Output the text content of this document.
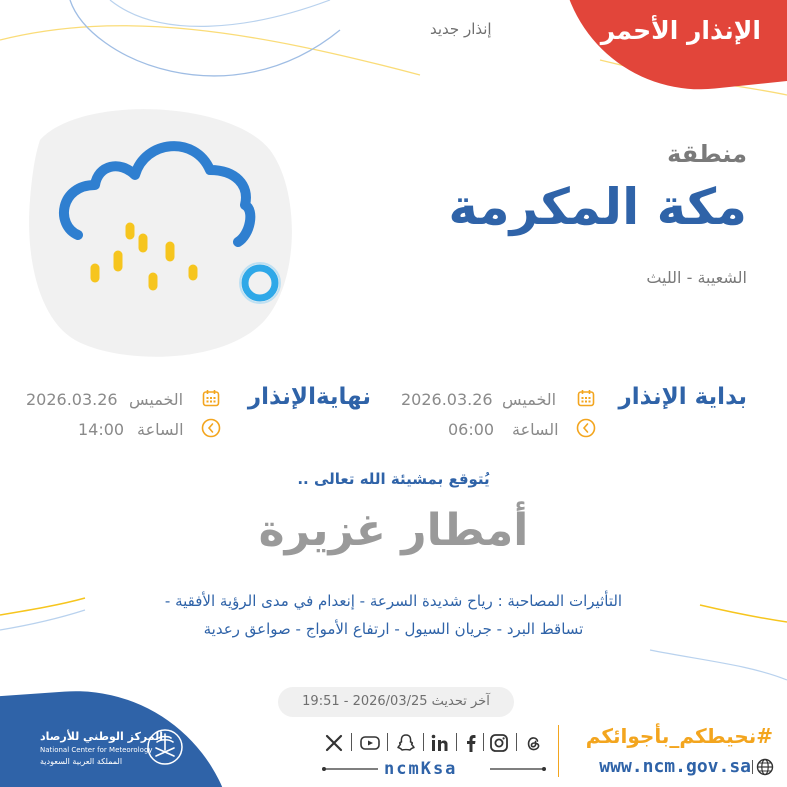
الإنذار الأحمر
إنذار جديد
منطقة
مكة المكرمة
الشعيبة - الليث
بداية الإنذار
الخميس
2026.03.26
الساعة
06:00
نهايةالإنذار
الخميس
2026.03.26
الساعة
14:00
يُتوقع بمشيئة الله تعالى ..
أمطار غزيرة
التأثيرات المصاحبة : رياح شديدة السرعة - إنعدام في مدى الرؤية الأفقية -
تساقط البرد - جريان السيول - ارتفاع الأمواج - صواعق رعدية
آخر تحديث 2026/03/25 - 19:51
المركز الوطني للأرصاد
National Center for Meteorology
المملكة العربية السعودية	ncmKsa
#نحيطكم_بأجوائكم
www.ncm.gov.sa
